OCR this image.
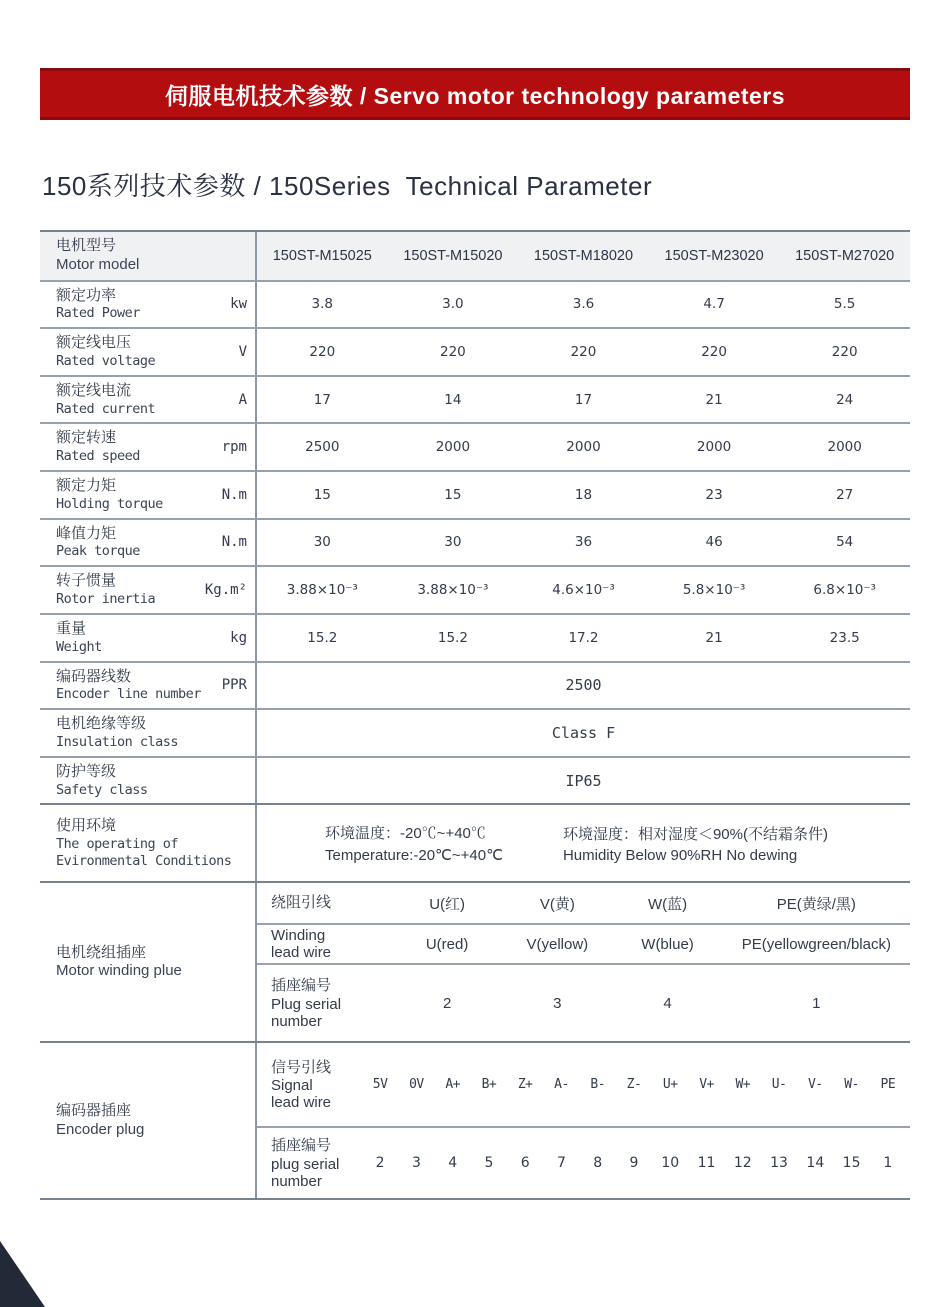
伺服电机技术参数 / Servo motor technology parameters
150系列技术参数 / 150Series  Technical Parameter
电机型号
Motor model	150ST-M15025	150ST-M15020	150ST-M18020	150ST-M23020	150ST-M27020
额定功率
Rated Power
kw	3.8	3.0	3.6	4.7	5.5
额定线电压
Rated voltage
V	220	220	220	220	220
额定线电流
Rated current
A	17	14	17	21	24
额定转速
Rated speed
rpm	2500	2000	2000	2000	2000
额定力矩
Holding torque
N.m	15	15	18	23	27
峰值力矩
Peak torque
N.m	30	30	36	46	54
转子惯量
Rotor inertia
Kg.m²	3.88×10⁻³	3.88×10⁻³	4.6×10⁻³	5.8×10⁻³	6.8×10⁻³
重量
Weight
kg	15.2	15.2	17.2	21	23.5
编码器线数
Encoder line number
PPR	2500
电机绝缘等级
Insulation class	Class F
防护等级
Safety class	IP65
使用环境
The operating of
Evironmental Conditions
环境温度：-20℃~+40℃
Temperature:-20℃~+40℃
环境湿度：相对湿度＜90%(不结霜条件)
Humidity Below 90%RH No dewing
电机绕组插座
Motor winding plue
绕阻引线	U(红)	V(黄)	W(蓝)	PE(黄绿/黑)
Winding
lead wire	U(red)	V(yellow)	W(blue)	PE(yellowgreen/black)
插座编号
Plug serial
number
2	3	4	1
编码器插座
Encoder plug
信号引线
Signal
lead wire
5V	0V	A+	B+	Z+	A-	B-	Z-	U+	V+	W+	U-	V-	W-	PE
插座编号
plug serial
number
2	3	4	5	6	7	8	9	10	11	12	13	14	15	1
